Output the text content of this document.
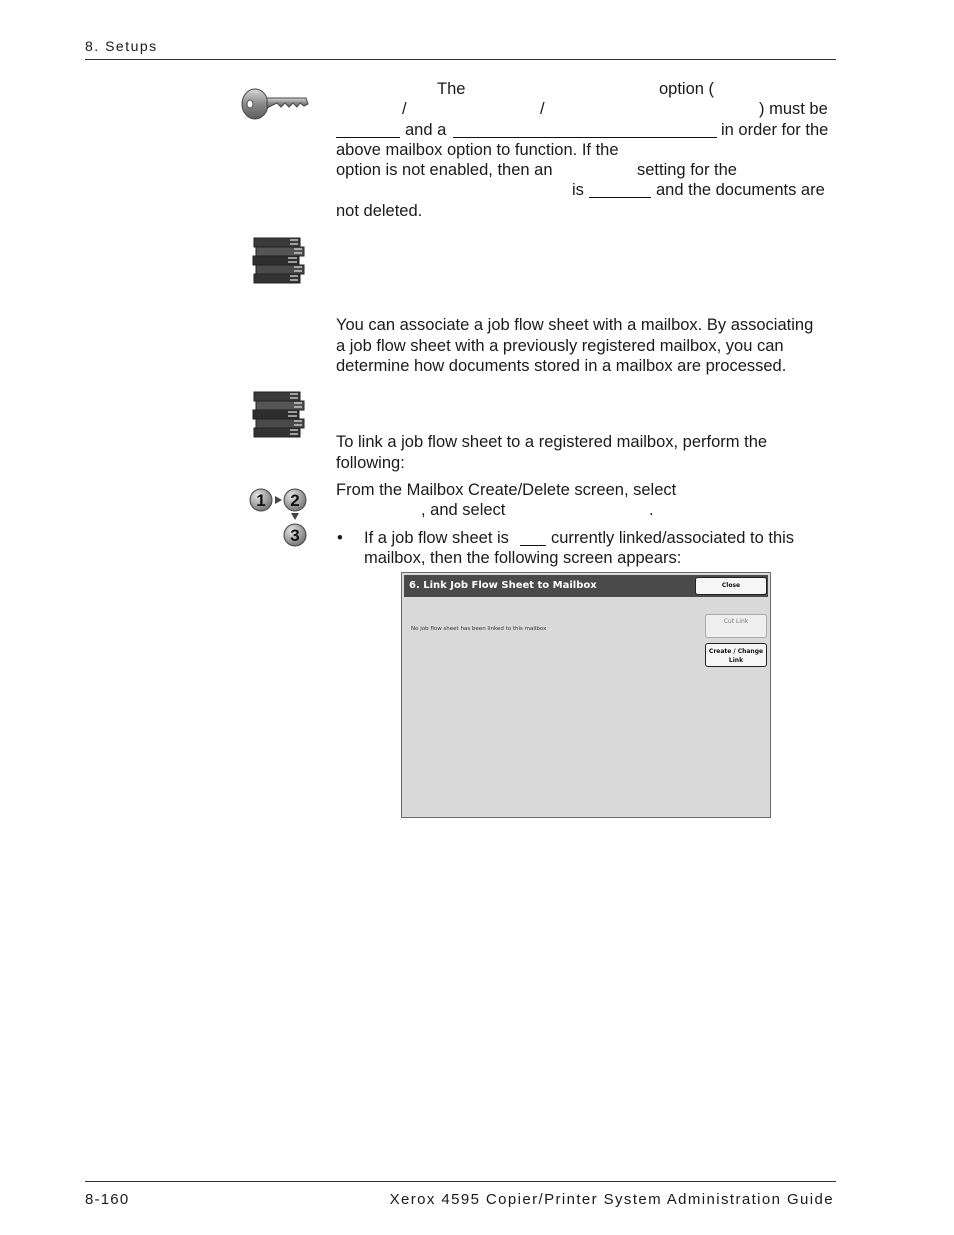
8. Setups
The	option (
/	/	) must be
and a	in order for the
above mailbox option to function. If the
option is not enabled, then an	setting for the
is	and the documents are
not deleted.
You can associate a job flow sheet with a mailbox. By associating
a job flow sheet with a previously registered mailbox, you can
determine how documents stored in a mailbox are processed.
To link a job flow sheet to a registered mailbox, perform the
following:
1 2
3
From the Mailbox Create/Delete screen, select
, and select	.
• If a job flow sheet is	currently linked/associated to this
mailbox, then the following screen appears:
6. Link Job Flow Sheet to Mailbox	Close
No job flow sheet has been linked to this mailbox
Cut Link
Create / Change
Link
8-160	Xerox 4595 Copier/Printer System Administration Guide
